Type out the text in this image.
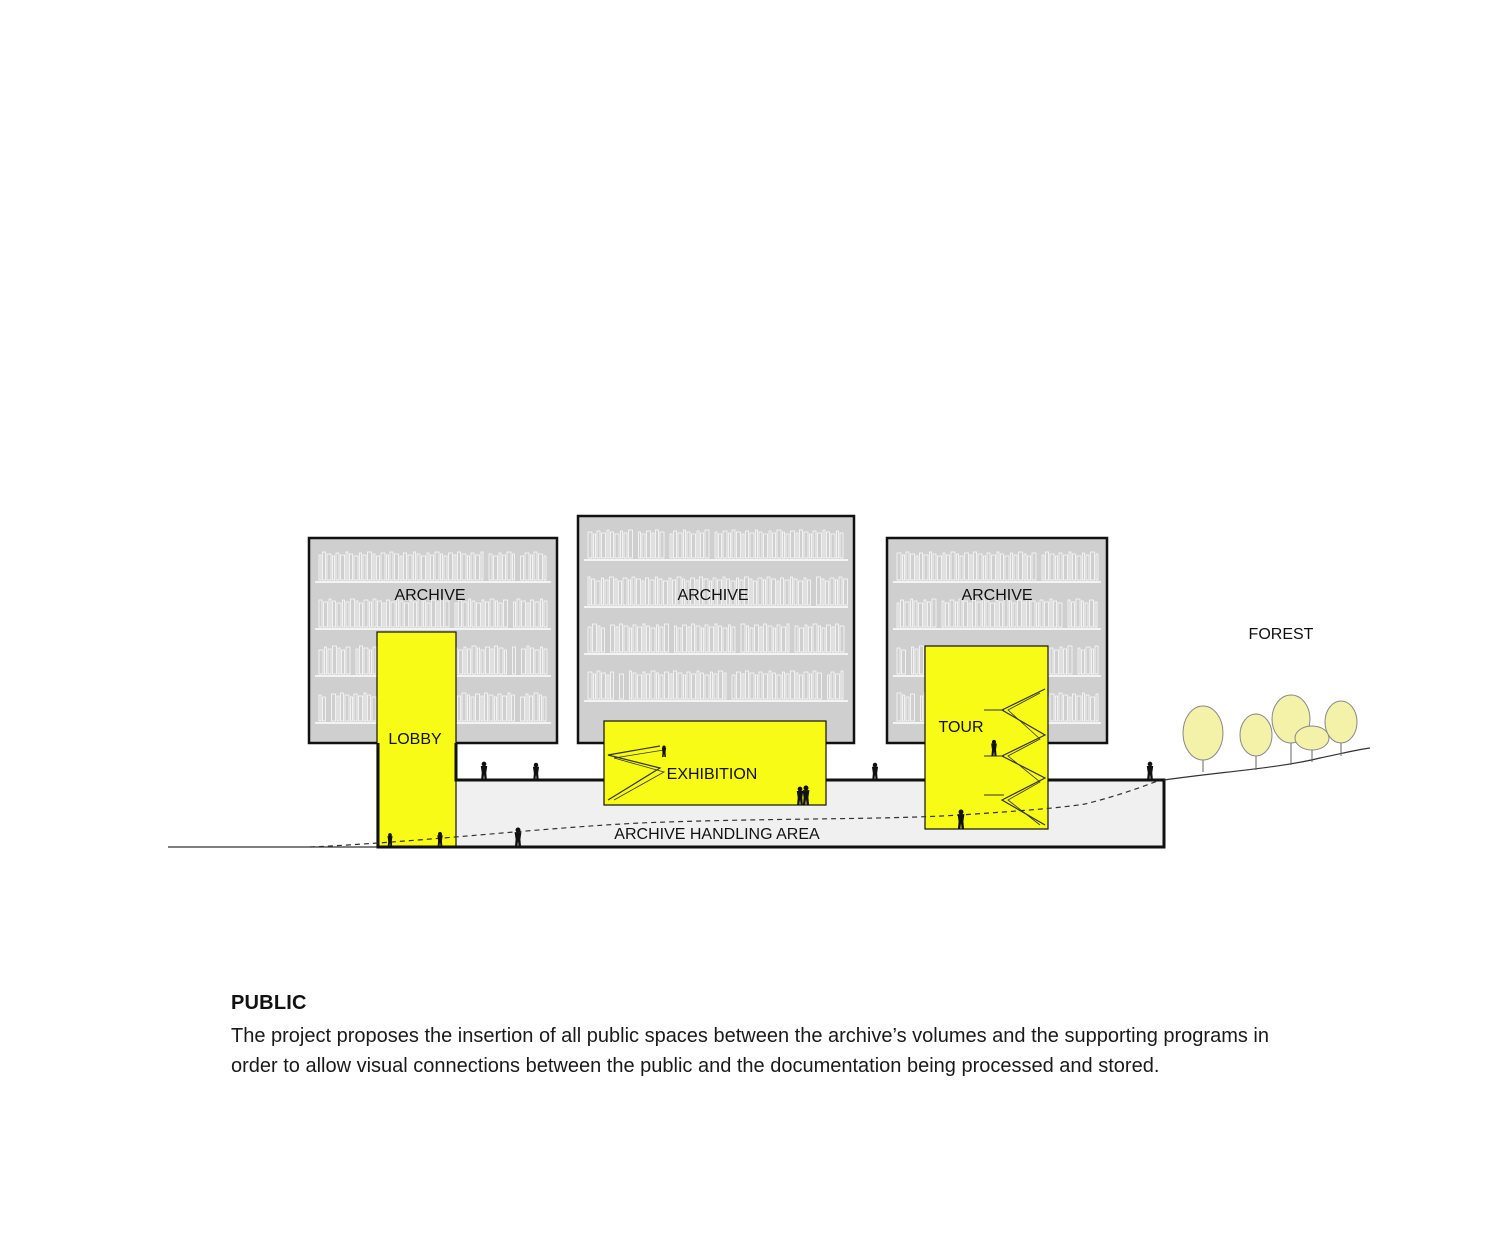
ARCHIVE	ARCHIVE	ARCHIVE
LOBBY
EXHIBITION
TOUR
ARCHIVE HANDLING AREA
FOREST

PUBLIC

The project proposes the insertion of all public spaces between the archive’s volumes and the supporting programs in order to allow visual connections between the public and the documentation being processed and stored.
